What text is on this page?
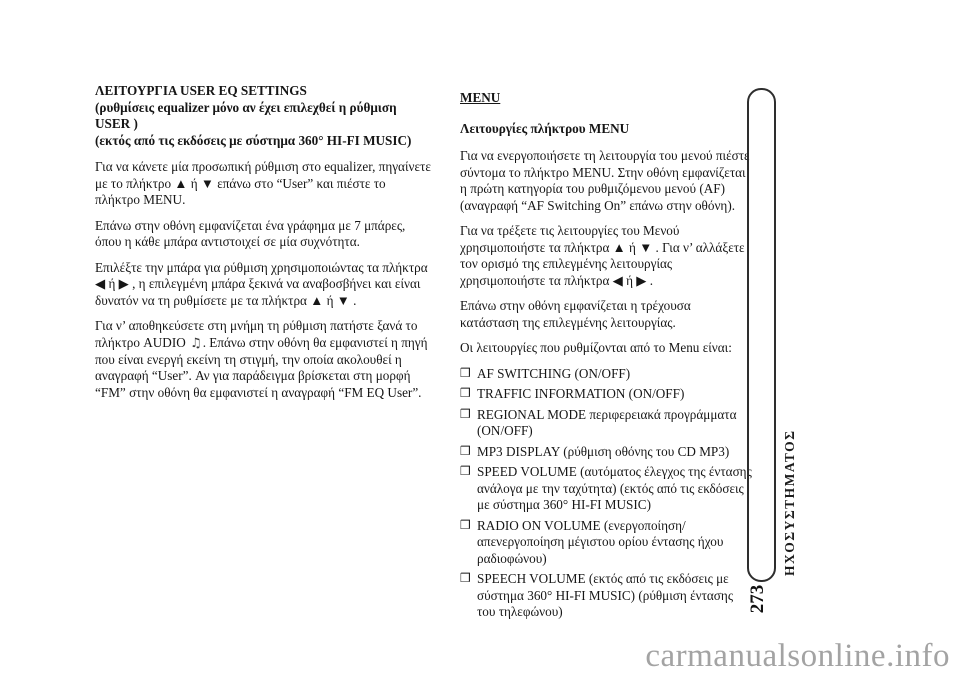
ΛΕΙΤΟΥΡΓΙΑ USER EQ SETTINGS
(ρυθμίσεις equalizer μόνο αν έχει επιλεχθεί η ρύθμιση USER )
(εκτός από τις εκδόσεις με σύστημα 360° HI-FI MUSIC)

Για να κάνετε μία προσωπική ρύθμιση στο equalizer, πηγαίνετε με το πλήκτρο ▲ ή ▼ επάνω στο “User” και πιέστε το πλήκτρο MENU.

Επάνω στην οθόνη εμφανίζεται ένα γράφημα με 7 μπάρες, όπου η κάθε μπάρα αντιστοιχεί σε μία συχνότητα.

Επιλέξτε την μπάρα για ρύθμιση χρησιμοποιώντας τα πλήκτρα ◀ ή ▶ , η επιλεγμένη μπάρα ξεκινά να αναβοσβήνει και είναι δυνατόν να τη ρυθμίσετε με τα πλήκτρα ▲ ή ▼ .

Για ν’ αποθηκεύσετε στη μνήμη τη ρύθμιση πατήστε ξανά το πλήκτρο AUDIO ♫. Επάνω στην οθόνη θα εμφανιστεί η πηγή που είναι ενεργή εκείνη τη στιγμή, την οποία ακολουθεί η αναγραφή “User”. Αν για παράδειγμα βρίσκεται στη μορφή “FM” στην οθόνη θα εμφανιστεί η αναγραφή “FM EQ User”.

MENU
Λειτουργίες πλήκτρου MENU

Για να ενεργοποιήσετε τη λειτουργία του μενού πιέστε σύντομα το πλήκτρο MENU. Στην οθόνη εμφανίζεται η πρώτη κατηγορία του ρυθμιζόμενου μενού (AF) (αναγραφή “AF Switching On” επάνω στην οθόνη).

Για να τρέξετε τις λειτουργίες του Μενού χρησιμοποιήστε τα πλήκτρα ▲ ή ▼ . Για ν’ αλλάξετε τον ορισμό της επιλεγμένης λειτουργίας χρησιμοποιήστε τα πλήκτρα ◀ ή ▶ .

Επάνω στην οθόνη εμφανίζεται η τρέχουσα κατάσταση της επιλεγμένης λειτουργίας.

Οι λειτουργίες που ρυθμίζονται από το Menu είναι:

❒ AF SWITCHING (ON/OFF)
❒ TRAFFIC INFORMATION (ON/OFF)
❒ REGIONAL MODE περιφερειακά προγράμματα (ON/OFF)
❒ MP3 DISPLAY (ρύθμιση οθόνης του CD MP3)
❒ SPEED VOLUME (αυτόματος έλεγχος της έντασης ανάλογα με την ταχύτητα) (εκτός από τις εκδόσεις με σύστημα 360° HI-FI MUSIC)
❒ RADIO ON VOLUME (ενεργοποίηση/απενεργοποίηση μέγιστου ορίου έντασης ήχου ραδιοφώνου)
❒ SPEECH VOLUME (εκτός από τις εκδόσεις με σύστημα 360° HI-FI MUSIC) (ρύθμιση έντασης του τηλεφώνου)
ΗΧΟΣΥΣΤΗΜΑΤΟΣ
273
carmanualsonline.info
